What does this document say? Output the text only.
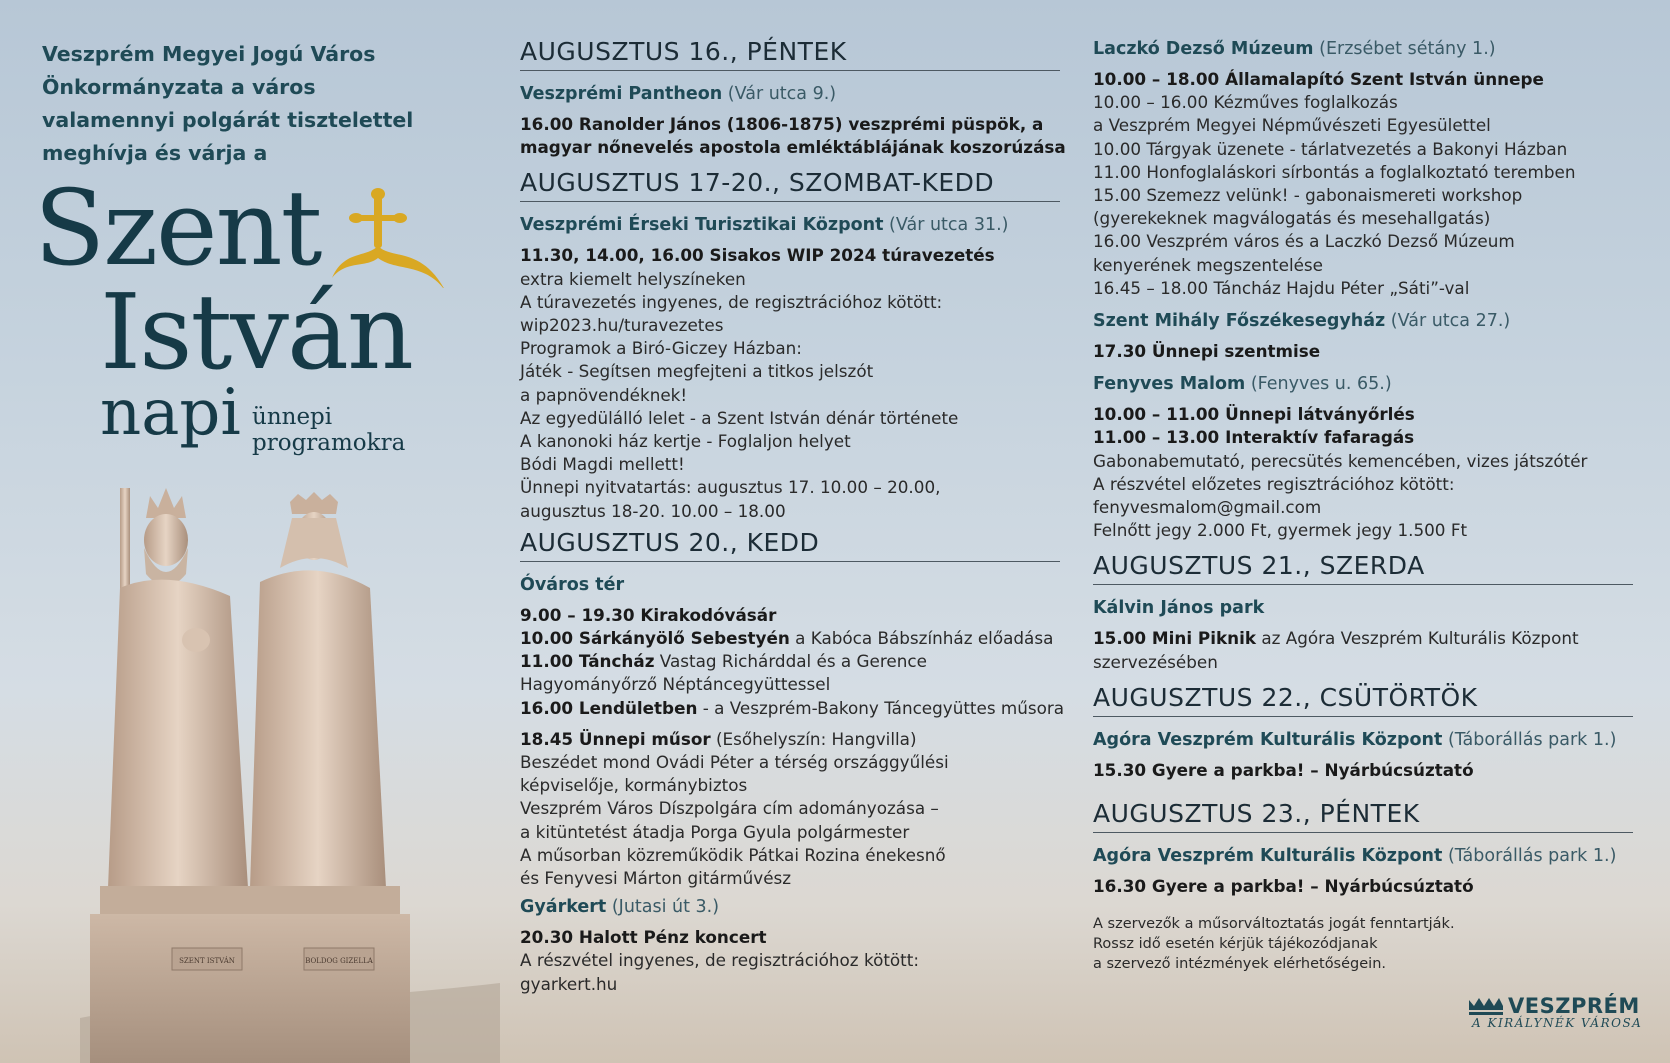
Veszprém Megyei Jogú Város
Önkormányzata a város
valamennyi polgárát tisztelettel
meghívja és várja a
Szent
István
napi ünnepi
programokra
SZENT ISTVÁN	BOLDOG GIZELLA
AUGUSZTUS 16., PÉNTEK
Veszprémi Pantheon (Vár utca 9.)
16.00 Ranolder János (1806-1875) veszprémi püspök, a
magyar nőnevelés apostola emléktáblájának koszorúzása
AUGUSZTUS 17-20., SZOMBAT-KEDD
Veszprémi Érseki Turisztikai Központ (Vár utca 31.)
11.30, 14.00, 16.00 Sisakos WIP 2024 túravezetés
extra kiemelt helyszíneken
A túravezetés ingyenes, de regisztrációhoz kötött:
wip2023.hu/turavezetes
Programok a Biró-Giczey Házban:
Játék - Segítsen megfejteni a titkos jelszót
a papnövendéknek!
Az egyedülálló lelet - a Szent István dénár története
A kanonoki ház kertje - Foglaljon helyet
Bódi Magdi mellett!
Ünnepi nyitvatartás: augusztus 17. 10.00 – 20.00,
augusztus 18-20. 10.00 – 18.00
AUGUSZTUS 20., KEDD
Óváros tér
9.00 – 19.30 Kirakodóvásár
10.00 Sárkányölő Sebestyén a Kabóca Bábszínház előadása
11.00 Táncház Vastag Richárddal és a Gerence
Hagyományőrző Néptáncegyüttessel
16.00 Lendületben - a Veszprém-Bakony Táncegyüttes műsora
18.45 Ünnepi műsor (Esőhelyszín: Hangvilla)
Beszédet mond Ovádi Péter a térség országgyűlési
képviselője, kormánybiztos
Veszprém Város Díszpolgára cím adományozása –
a kitüntetést átadja Porga Gyula polgármester
A műsorban közreműködik Pátkai Rozina énekesnő
és Fenyvesi Márton gitárművész
Gyárkert (Jutasi út 3.)
20.30 Halott Pénz koncert
A részvétel ingyenes, de regisztrációhoz kötött:
gyarkert.hu
Laczkó Dezső Múzeum (Erzsébet sétány 1.)
10.00 – 18.00 Államalapító Szent István ünnepe
10.00 – 16.00 Kézműves foglalkozás
a Veszprém Megyei Népművészeti Egyesülettel
10.00 Tárgyak üzenete - tárlatvezetés a Bakonyi Házban
11.00 Honfoglaláskori sírbontás a foglalkoztató teremben
15.00 Szemezz velünk! - gabonaismereti workshop
(gyerekeknek magválogatás és mesehallgatás)
16.00 Veszprém város és a Laczkó Dezső Múzeum
kenyerének megszentelése
16.45 – 18.00 Táncház Hajdu Péter „Sáti”-val
Szent Mihály Főszékesegyház (Vár utca 27.)
17.30 Ünnepi szentmise
Fenyves Malom (Fenyves u. 65.)
10.00 – 11.00 Ünnepi látványőrlés
11.00 – 13.00 Interaktív fafaragás
Gabonabemutató, perecsütés kemencében, vizes játszótér
A részvétel előzetes regisztrációhoz kötött:
fenyvesmalom@gmail.com
Felnőtt jegy 2.000 Ft, gyermek jegy 1.500 Ft
AUGUSZTUS 21., SZERDA
Kálvin János park
15.00 Mini Piknik az Agóra Veszprém Kulturális Központ
szervezésében
AUGUSZTUS 22., CSÜTÖRTÖK
Agóra Veszprém Kulturális Központ (Táborállás park 1.)
15.30 Gyere a parkba! – Nyárbúcsúztató
AUGUSZTUS 23., PÉNTEK
Agóra Veszprém Kulturális Központ (Táborállás park 1.)
16.30 Gyere a parkba! – Nyárbúcsúztató
A szervezők a műsorváltoztatás jogát fenntartják.
Rossz idő esetén kérjük tájékozódjanak
a szervező intézmények elérhetőségein.
VESZPRÉM
A KIRÁLYNÉK VÁROSA
